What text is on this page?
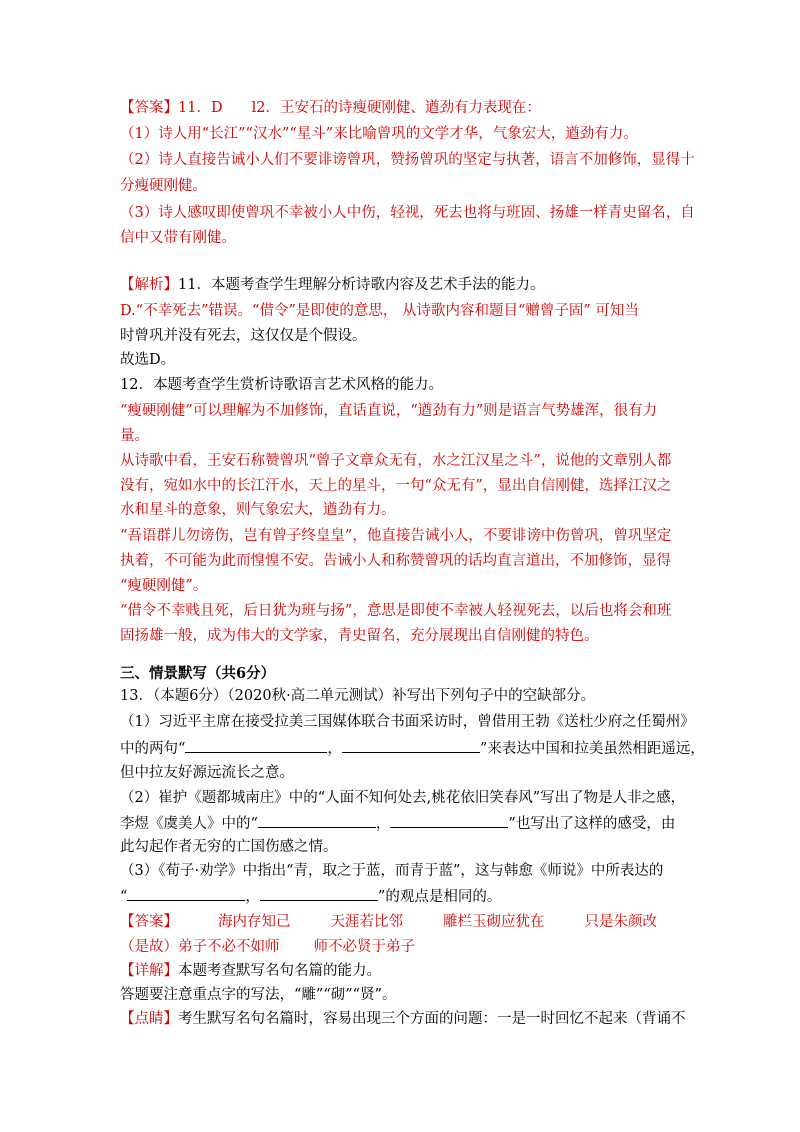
【答案】11．D　　l2．王安石的诗瘦硬刚健、遒劲有力表现在：
（1）诗人用“长江”“汉水”“星斗”来比喻曾巩的文学才华，气象宏大，遒劲有力。
（2）诗人直接告诫小人们不要诽谤曾巩，赞扬曾巩的坚定与执著，语言不加修饰，显得十
分瘦硬刚健。
（3）诗人感叹即使曾巩不幸被小人中伤，轻视，死去也将与班固、扬雄一样青史留名，自
信中又带有刚健。
【解析】11．本题考查学生理解分析诗歌内容及艺术手法的能力。
D.“不幸死去”错误。“借令”是即使的意思， 从诗歌内容和题目“赠曾子固” 可知当
时曾巩并没有死去，这仅仅是个假设。
故选D。
12．本题考查学生赏析诗歌语言艺术风格的能力。
“瘦硬刚健”可以理解为不加修饰，直话直说，“遒劲有力”则是语言气势雄浑，很有力
量。
从诗歌中看，王安石称赞曾巩“曾子文章众无有，水之江汉星之斗”，说他的文章别人都
没有，宛如水中的长江汗水，天上的星斗，一句“众无有”，显出自信刚健，选择江汉之
水和星斗的意象，则气象宏大，遒劲有力。
“吾语群儿勿谤伤，岂有曾子终皇皇”，他直接告诫小人，不要诽谤中伤曾巩，曾巩坚定
执着，不可能为此而惶惶不安。告诫小人和称赞曾巩的话均直言道出，不加修饰，显得
“瘦硬刚健”。
“借令不幸贱且死，后日犹为班与扬”，意思是即使不幸被人轻视死去，以后也将会和班
固扬雄一般，成为伟大的文学家，青史留名，充分展现出自信刚健的特色。
三、情景默写（共6分）
13．（本题6分）（2020秋·高二单元测试）补写出下列句子中的空缺部分。
（1）习近平主席在接受拉美三国媒体联合书面采访时，曾借用王勃《送杜少府之任蜀州》
中的两句“	，	”来表达中国和拉美虽然相距遥远，
但中拉友好源远流长之意。
（2）崔护《题都城南庄》中的“人面不知何处去,桃花依旧笑春风”写出了物是人非之感，
李煜《虞美人》中的“	，	”也写出了这样的感受，由
此勾起作者无穷的亡国伤感之情。
（3）《荀子·劝学》中指出“青，取之于蓝，而青于蓝”，这与韩愈《师说》中所表达的
“	，	”的观点是相同的。
【答案】	海内存知己	天涯若比邻	雕栏玉砌应犹在	只是朱颜改
（是故）弟子不必不如师 师不必贤于弟子
【详解】本题考查默写名句名篇的能力。
答题要注意重点字的写法，“雕”“砌”“贤”。
【点睛】考生默写名句名篇时，容易出现三个方面的问题：一是一时回忆不起来（背诵不
